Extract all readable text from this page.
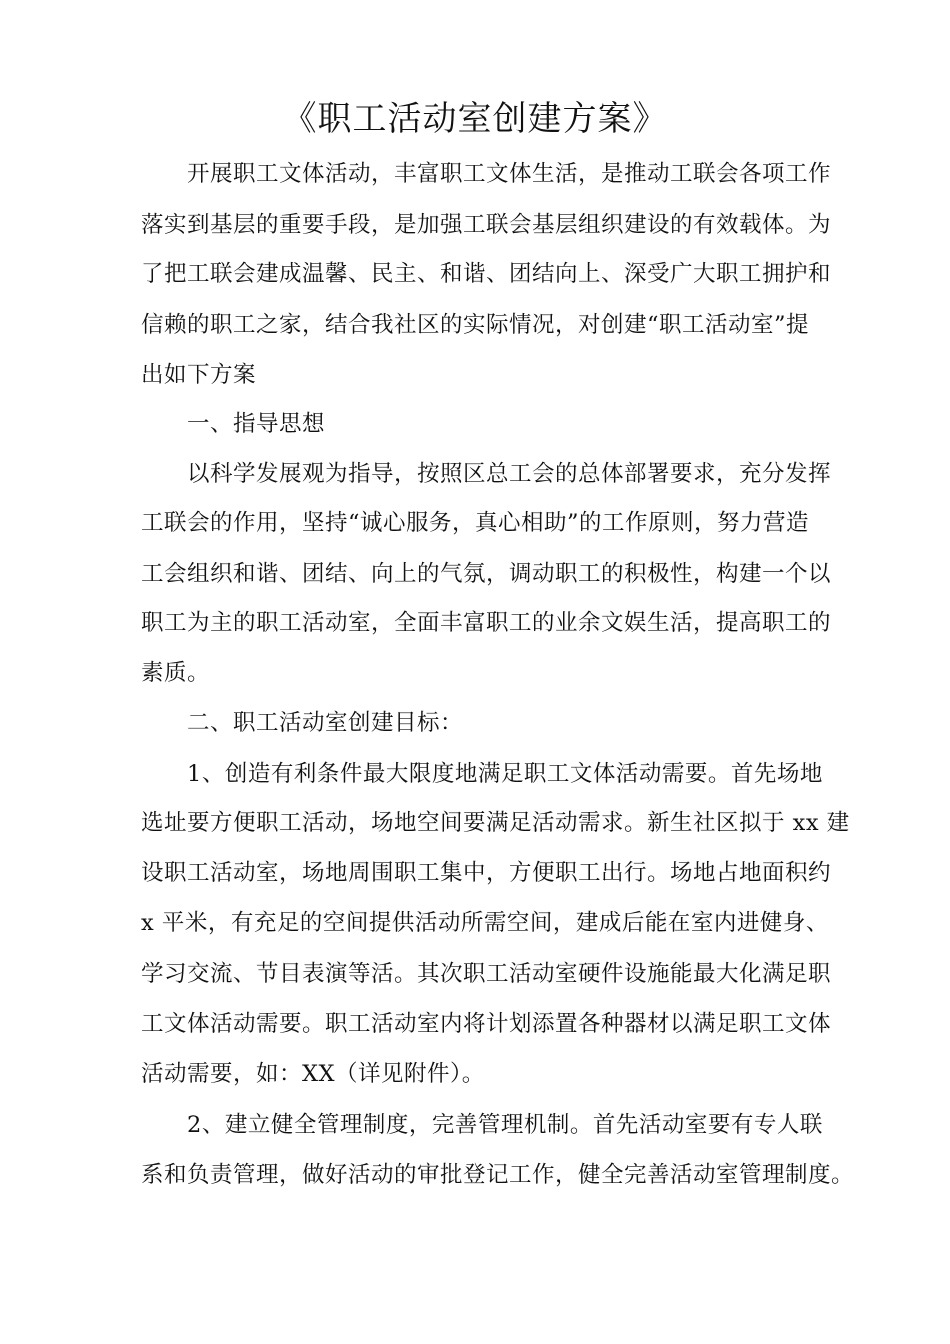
《职工活动室创建方案》
开展职工文体活动，丰富职工文体生活，是推动工联会各项工作
落实到基层的重要手段，是加强工联会基层组织建设的有效载体。为
了把工联会建成温馨、民主、和谐、团结向上、深受广大职工拥护和
信赖的职工之家，结合我社区的实际情况，对创建“职工活动室”提
出如下方案
一、指导思想
以科学发展观为指导，按照区总工会的总体部署要求，充分发挥
工联会的作用，坚持“诚心服务，真心相助”的工作原则，努力营造
工会组织和谐、团结、向上的气氛，调动职工的积极性，构建一个以
职工为主的职工活动室，全面丰富职工的业余文娱生活，提高职工的
素质。
二、职工活动室创建目标：
1、创造有利条件最大限度地满足职工文体活动需要。首先场地
选址要方便职工活动，场地空间要满足活动需求。新生社区拟于 xx 建
设职工活动室，场地周围职工集中，方便职工出行。场地占地面积约
x 平米，有充足的空间提供活动所需空间，建成后能在室内进健身、
学习交流、节目表演等活。其次职工活动室硬件设施能最大化满足职
工文体活动需要。职工活动室内将计划添置各种器材以满足职工文体
活动需要，如：XX（详见附件）。
2、建立健全管理制度，完善管理机制。首先活动室要有专人联
系和负责管理，做好活动的审批登记工作，健全完善活动室管理制度。
